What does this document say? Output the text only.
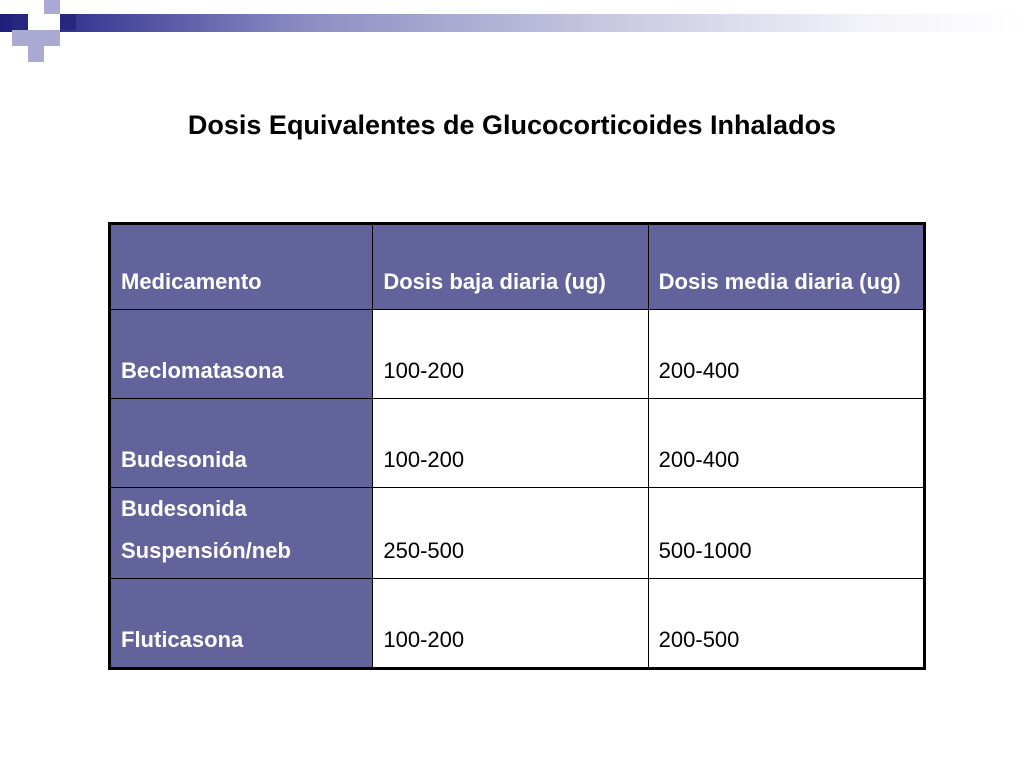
Dosis Equivalentes de Glucocorticoides Inhalados
Medicamento	Dosis baja diaria (ug)	Dosis media diaria (ug)
Beclomatasona	100-200	200-400
Budesonida	100-200	200-400
Budesonida Suspensión/neb	250-500	500-1000
Fluticasona	100-200	200-500
